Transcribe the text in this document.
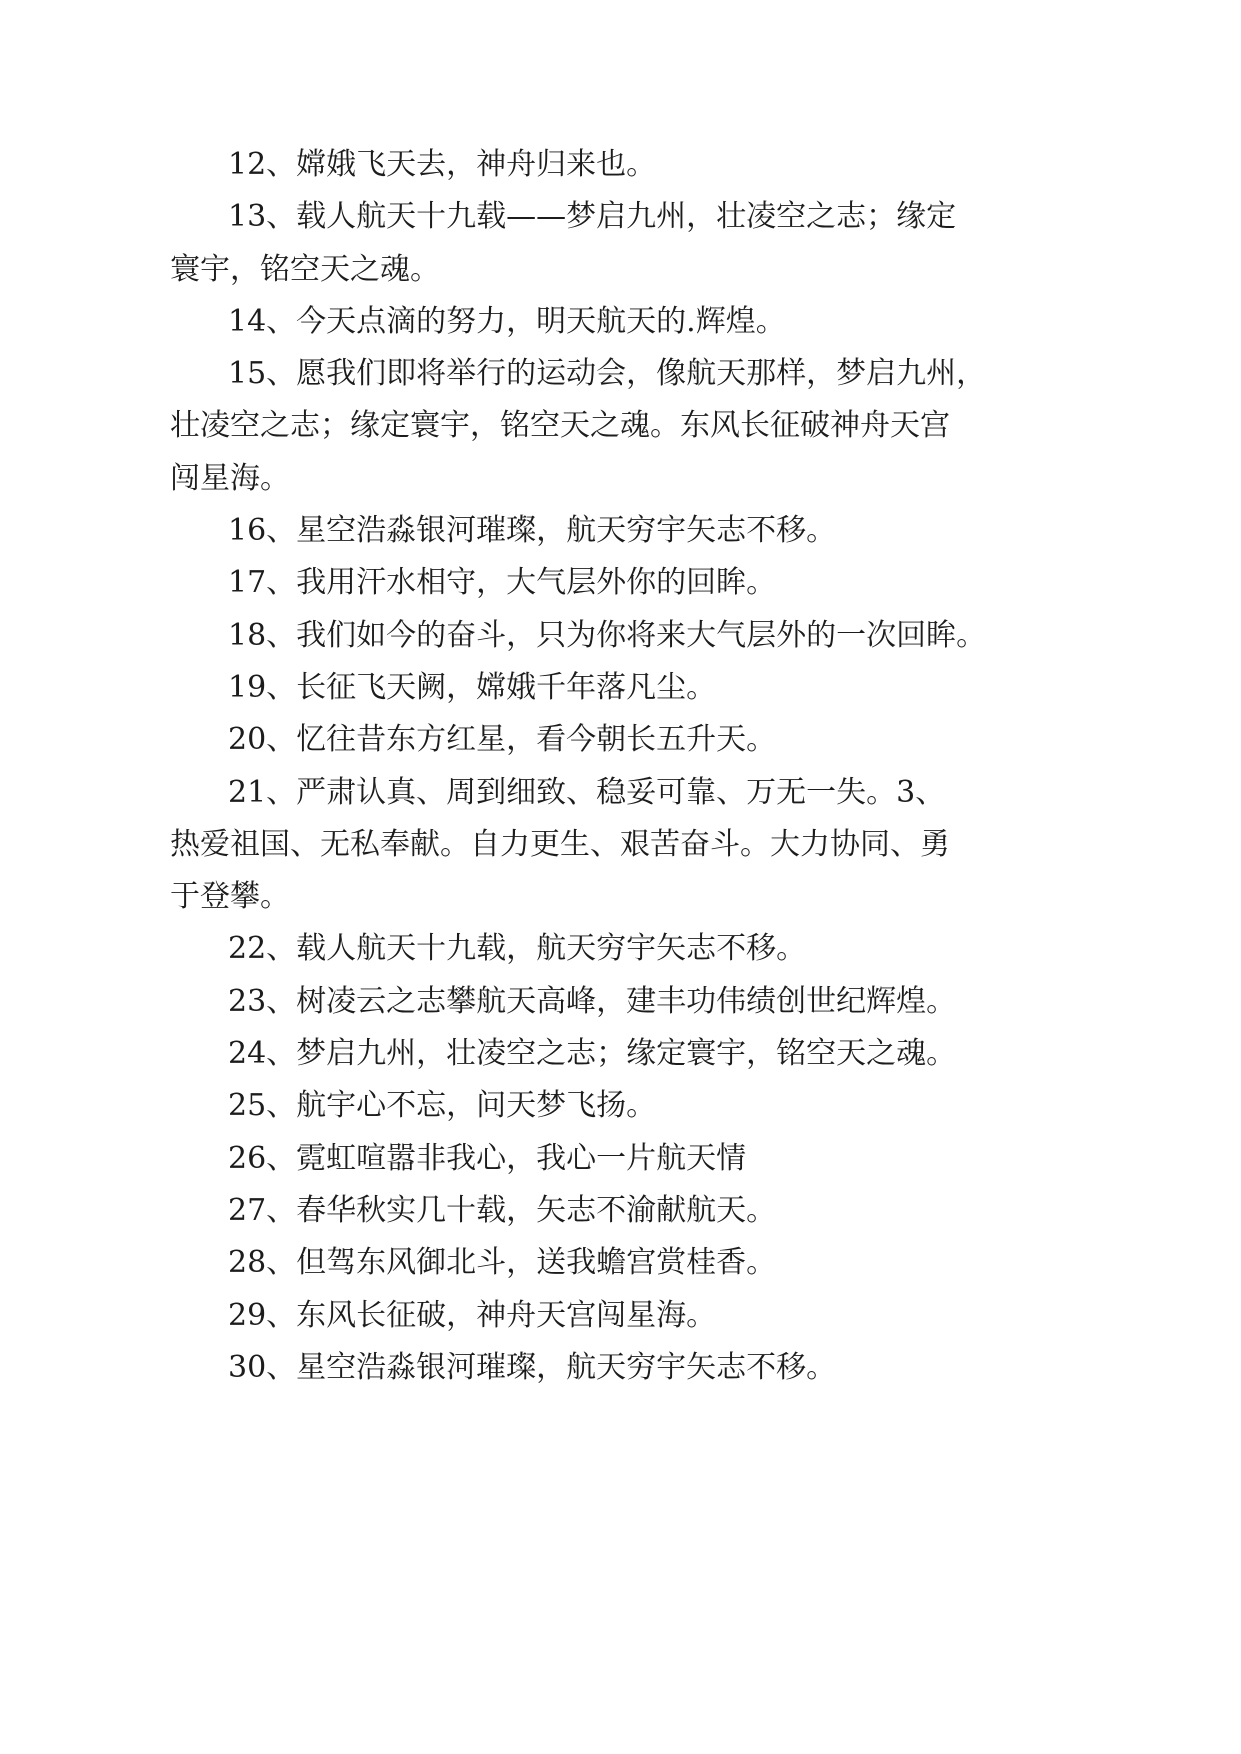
12、嫦娥飞天去，神舟归来也。
13、载人航天十九载——梦启九州，壮凌空之志；缘定
寰宇，铭空天之魂。
14、今天点滴的努力，明天航天的.辉煌。
15、愿我们即将举行的运动会，像航天那样，梦启九州，
壮凌空之志；缘定寰宇，铭空天之魂。东风长征破神舟天宫
闯星海。
16、星空浩淼银河璀璨，航天穷宇矢志不移。
17、我用汗水相守，大气层外你的回眸。
18、我们如今的奋斗，只为你将来大气层外的一次回眸。
19、长征飞天阙，嫦娥千年落凡尘。
20、忆往昔东方红星，看今朝长五升天。
21、严肃认真、周到细致、稳妥可靠、万无一失。3、
热爱祖国、无私奉献。自力更生、艰苦奋斗。大力协同、勇
于登攀。
22、载人航天十九载，航天穷宇矢志不移。
23、树凌云之志攀航天高峰，建丰功伟绩创世纪辉煌。
24、梦启九州，壮凌空之志；缘定寰宇，铭空天之魂。
25、航宇心不忘，问天梦飞扬。
26、霓虹喧嚣非我心，我心一片航天情
27、春华秋实几十载，矢志不渝献航天。
28、但驾东风御北斗，送我蟾宫赏桂香。
29、东风长征破，神舟天宫闯星海。
30、星空浩淼银河璀璨，航天穷宇矢志不移。
